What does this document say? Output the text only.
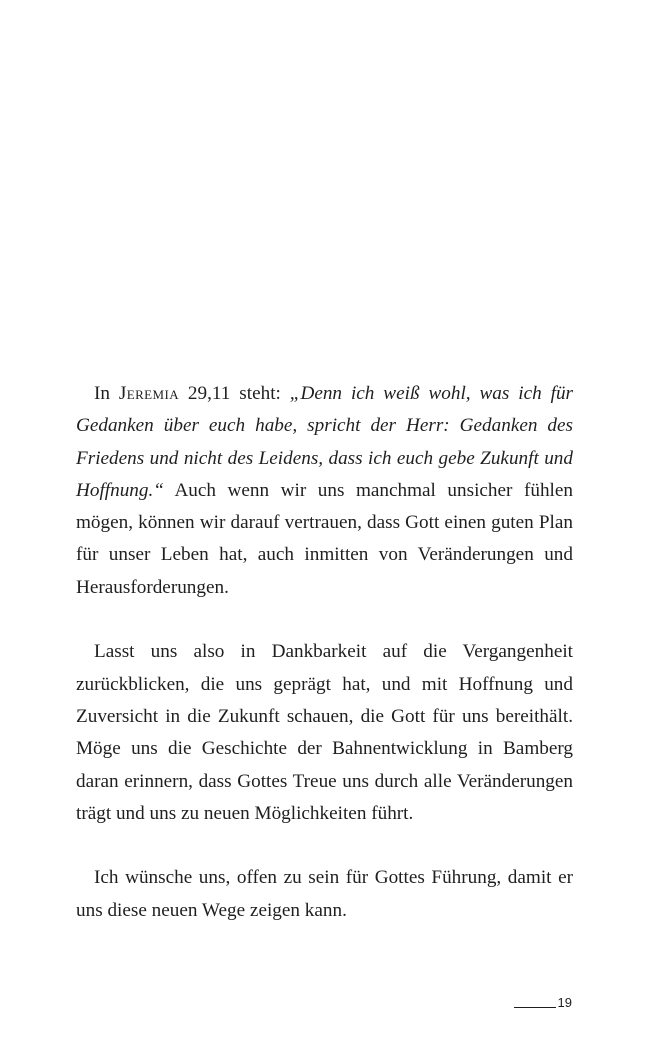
In Jeremia 29,11 steht: „Denn ich weiß wohl, was ich für Gedanken über euch habe, spricht der Herr: Gedanken des Friedens und nicht des Leidens, dass ich euch gebe Zukunft und Hoffnung.“ Auch wenn wir uns manchmal unsicher fühlen mögen, können wir darauf vertrauen, dass Gott einen guten Plan für unser Leben hat, auch inmitten von Veränderungen und Herausforderungen.

Lasst uns also in Dankbarkeit auf die Vergangenheit zurückblicken, die uns geprägt hat, und mit Hoffnung und Zuversicht in die Zukunft schauen, die Gott für uns bereithält. Möge uns die Geschichte der Bahnentwicklung in Bamberg daran erinnern, dass Gottes Treue uns durch alle Veränderungen trägt und uns zu neuen Möglichkeiten führt.

Ich wünsche uns, offen zu sein für Gottes Führung, damit er uns diese neuen Wege zeigen kann.

19
